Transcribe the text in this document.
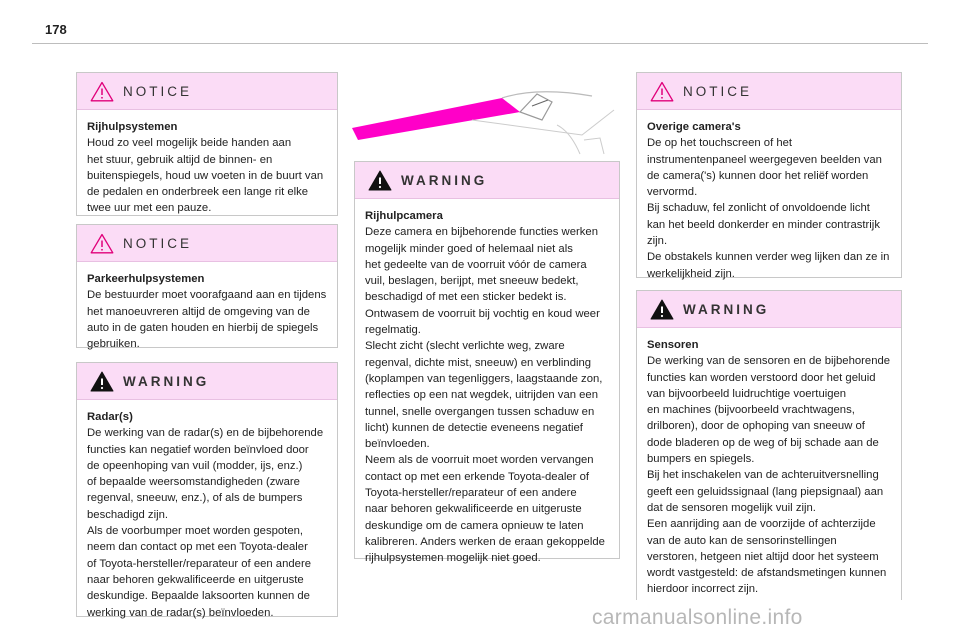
178
NOTICE

Rijhulpsystemen

Houd zo veel mogelijk beide handen aan

het stuur, gebruik altijd de binnen- en

buitenspiegels, houd uw voeten in de buurt van

de pedalen en onderbreek een lange rit elke

twee uur met een pauze.

NOTICE

Parkeerhulpsystemen

De bestuurder moet voorafgaand aan en tijdens

het manoeuvreren altijd de omgeving van de

auto in de gaten houden en hierbij de spiegels

gebruiken.

WARNING

Radar(s)

De werking van de radar(s) en de bijbehorende

functies kan negatief worden beïnvloed door

de opeenhoping van vuil (modder, ijs, enz.)

of bepaalde weersomstandigheden (zware

regenval, sneeuw, enz.), of als de bumpers

beschadigd zijn.

Als de voorbumper moet worden gespoten,

neem dan contact op met een Toyota-dealer

of Toyota-hersteller/reparateur of een andere

naar behoren gekwalificeerde en uitgeruste

deskundige. Bepaalde laksoorten kunnen de

werking van de radar(s) beïnvloeden.

WARNING

Rijhulpcamera

Deze camera en bijbehorende functies werken

mogelijk minder goed of helemaal niet als

het gedeelte van de voorruit vóór de camera

vuil, beslagen, berijpt, met sneeuw bedekt,

beschadigd of met een sticker bedekt is.

Ontwasem de voorruit bij vochtig en koud weer

regelmatig.

Slecht zicht (slecht verlichte weg, zware

regenval, dichte mist, sneeuw) en verblinding

(koplampen van tegenliggers, laagstaande zon,

reflecties op een nat wegdek, uitrijden van een

tunnel, snelle overgangen tussen schaduw en

licht) kunnen de detectie eveneens negatief

beïnvloeden.

Neem als de voorruit moet worden vervangen

contact op met een erkende Toyota-dealer of

Toyota-hersteller/reparateur of een andere

naar behoren gekwalificeerde en uitgeruste

deskundige om de camera opnieuw te laten

kalibreren. Anders werken de eraan gekoppelde

rijhulpsystemen mogelijk niet goed.

NOTICE

Overige camera's

De op het touchscreen of het

instrumentenpaneel weergegeven beelden van

de camera('s) kunnen door het reliëf worden

vervormd.

Bij schaduw, fel zonlicht of onvoldoende licht

kan het beeld donkerder en minder contrastrijk

zijn.

De obstakels kunnen verder weg lijken dan ze in

werkelijkheid zijn.

WARNING

Sensoren

De werking van de sensoren en de bijbehorende

functies kan worden verstoord door het geluid

van bijvoorbeeld luidruchtige voertuigen

en machines (bijvoorbeeld vrachtwagens,

drilboren), door de ophoping van sneeuw of

dode bladeren op de weg of bij schade aan de

bumpers en spiegels.

Bij het inschakelen van de achteruitversnelling

geeft een geluidssignaal (lang piepsignaal) aan

dat de sensoren mogelijk vuil zijn.

Een aanrijding aan de voorzijde of achterzijde

van de auto kan de sensorinstellingen

verstoren, hetgeen niet altijd door het systeem

wordt vastgesteld: de afstandsmetingen kunnen

hierdoor incorrect zijn.

carmanualsonline.info
